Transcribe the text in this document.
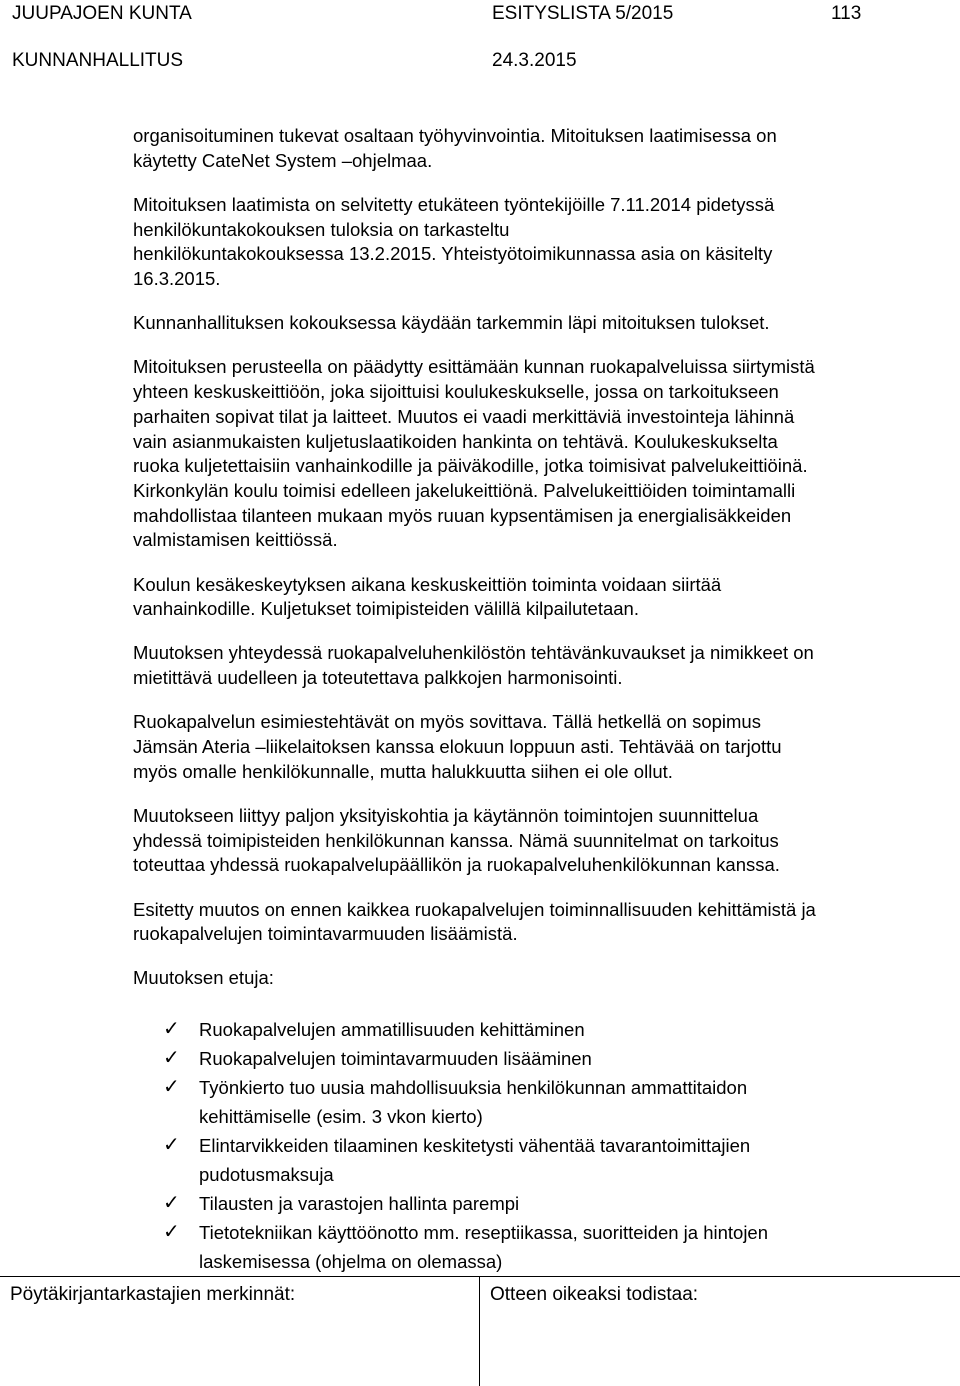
JUUPAJOEN KUNTA	ESITYSLISTA 5/2015	113
KUNNANHALLITUS	24.3.2015

organisoituminen tukevat osaltaan työhyvinvointia. Mitoituksen laatimisessa on
käytetty CateNet System –ohjelmaa.

Mitoituksen laatimista on selvitetty etukäteen työntekijöille 7.11.2014 pidetyssä
henkilökuntakokouksen tuloksia on tarkasteltu
henkilökuntakokouksessa 13.2.2015. Yhteistyötoimikunnassa asia on käsitelty
16.3.2015.

Kunnanhallituksen kokouksessa käydään tarkemmin läpi mitoituksen tulokset.

Mitoituksen perusteella on päädytty esittämään kunnan ruokapalveluissa siirtymistä
yhteen keskuskeittiöön, joka sijoittuisi koulukeskukselle, jossa on tarkoitukseen
parhaiten sopivat tilat ja laitteet. Muutos ei vaadi merkittäviä investointeja lähinnä
vain asianmukaisten kuljetuslaatikoiden hankinta on tehtävä. Koulukeskukselta
ruoka kuljetettaisiin vanhainkodille ja päiväkodille, jotka toimisivat palvelukeittiöinä.
Kirkonkylän koulu toimisi edelleen jakelukeittiönä. Palvelukeittiöiden toimintamalli
mahdollistaa tilanteen mukaan myös ruuan kypsentämisen ja energialisäkkeiden
valmistamisen keittiössä.

Koulun kesäkeskeytyksen aikana keskuskeittiön toiminta voidaan siirtää
vanhainkodille. Kuljetukset toimipisteiden välillä kilpailutetaan.

Muutoksen yhteydessä ruokapalveluhenkilöstön tehtävänkuvaukset ja nimikkeet on
mietittävä uudelleen ja toteutettava palkkojen harmonisointi.

Ruokapalvelun esimiestehtävät on myös sovittava. Tällä hetkellä on sopimus
Jämsän Ateria –liikelaitoksen kanssa elokuun loppuun asti. Tehtävää on tarjottu
myös omalle henkilökunnalle, mutta halukkuutta siihen ei ole ollut.

Muutokseen liittyy paljon yksityiskohtia ja käytännön toimintojen suunnittelua
yhdessä toimipisteiden henkilökunnan kanssa. Nämä suunnitelmat on tarkoitus
toteuttaa yhdessä ruokapalvelupäällikön ja ruokapalveluhenkilökunnan kanssa.

Esitetty muutos on ennen kaikkea ruokapalvelujen toiminnallisuuden kehittämistä ja
ruokapalvelujen toimintavarmuuden lisäämistä.

Muutoksen etuja:

✓ Ruokapalvelujen ammatillisuuden kehittäminen
✓ Ruokapalvelujen toimintavarmuuden lisääminen
✓ Työnkierto tuo uusia mahdollisuuksia henkilökunnan ammattitaidon
kehittämiselle (esim. 3 vkon kierto)
✓ Elintarvikkeiden tilaaminen keskitetysti vähentää tavarantoimittajien
pudotusmaksuja
✓ Tilausten ja varastojen hallinta parempi
✓ Tietotekniikan käyttöönotto mm. reseptiikassa, suoritteiden ja hintojen
laskemisessa (ohjelma on olemassa)
Pöytäkirjantarkastajien merkinnät:	Otteen oikeaksi todistaa:
